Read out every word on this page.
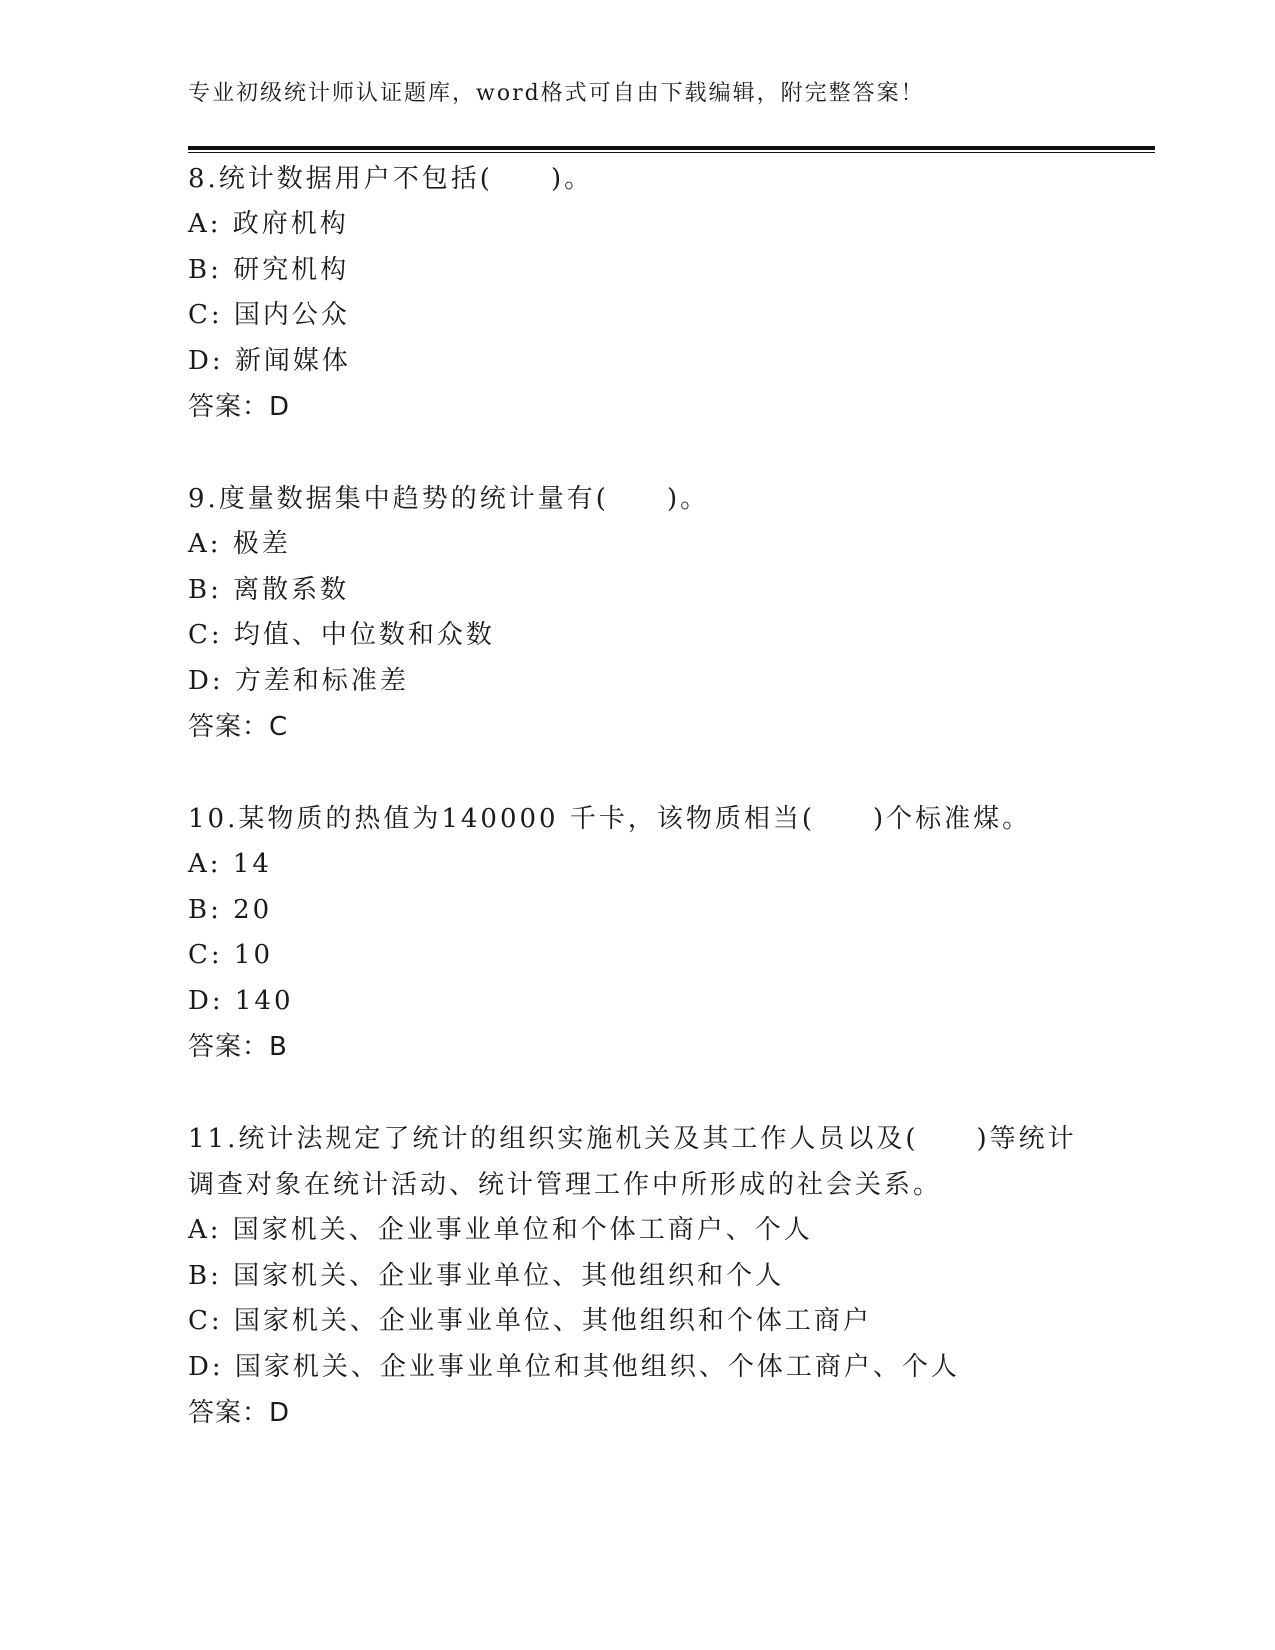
专业初级统计师认证题库，word格式可自由下载编辑，附完整答案！

8.统计数据用户不包括(　　)。

A: 政府机构
B: 研究机构
C: 国内公众
D: 新闻媒体

答案：D

9.度量数据集中趋势的统计量有(　　)。

A: 极差
B: 离散系数
C: 均值、中位数和众数
D: 方差和标准差

答案：C

10.某物质的热值为140000 千卡，该物质相当(　　)个标准煤。

A: 14
B: 20
C: 10
D: 140

答案：B

11.统计法规定了统计的组织实施机关及其工作人员以及(　　)等统计调查对象在统计活动、统计管理工作中所形成的社会关系。

A: 国家机关、企业事业单位和个体工商户、个人
B: 国家机关、企业事业单位、其他组织和个人
C: 国家机关、企业事业单位、其他组织和个体工商户
D: 国家机关、企业事业单位和其他组织、个体工商户、个人

答案：D
